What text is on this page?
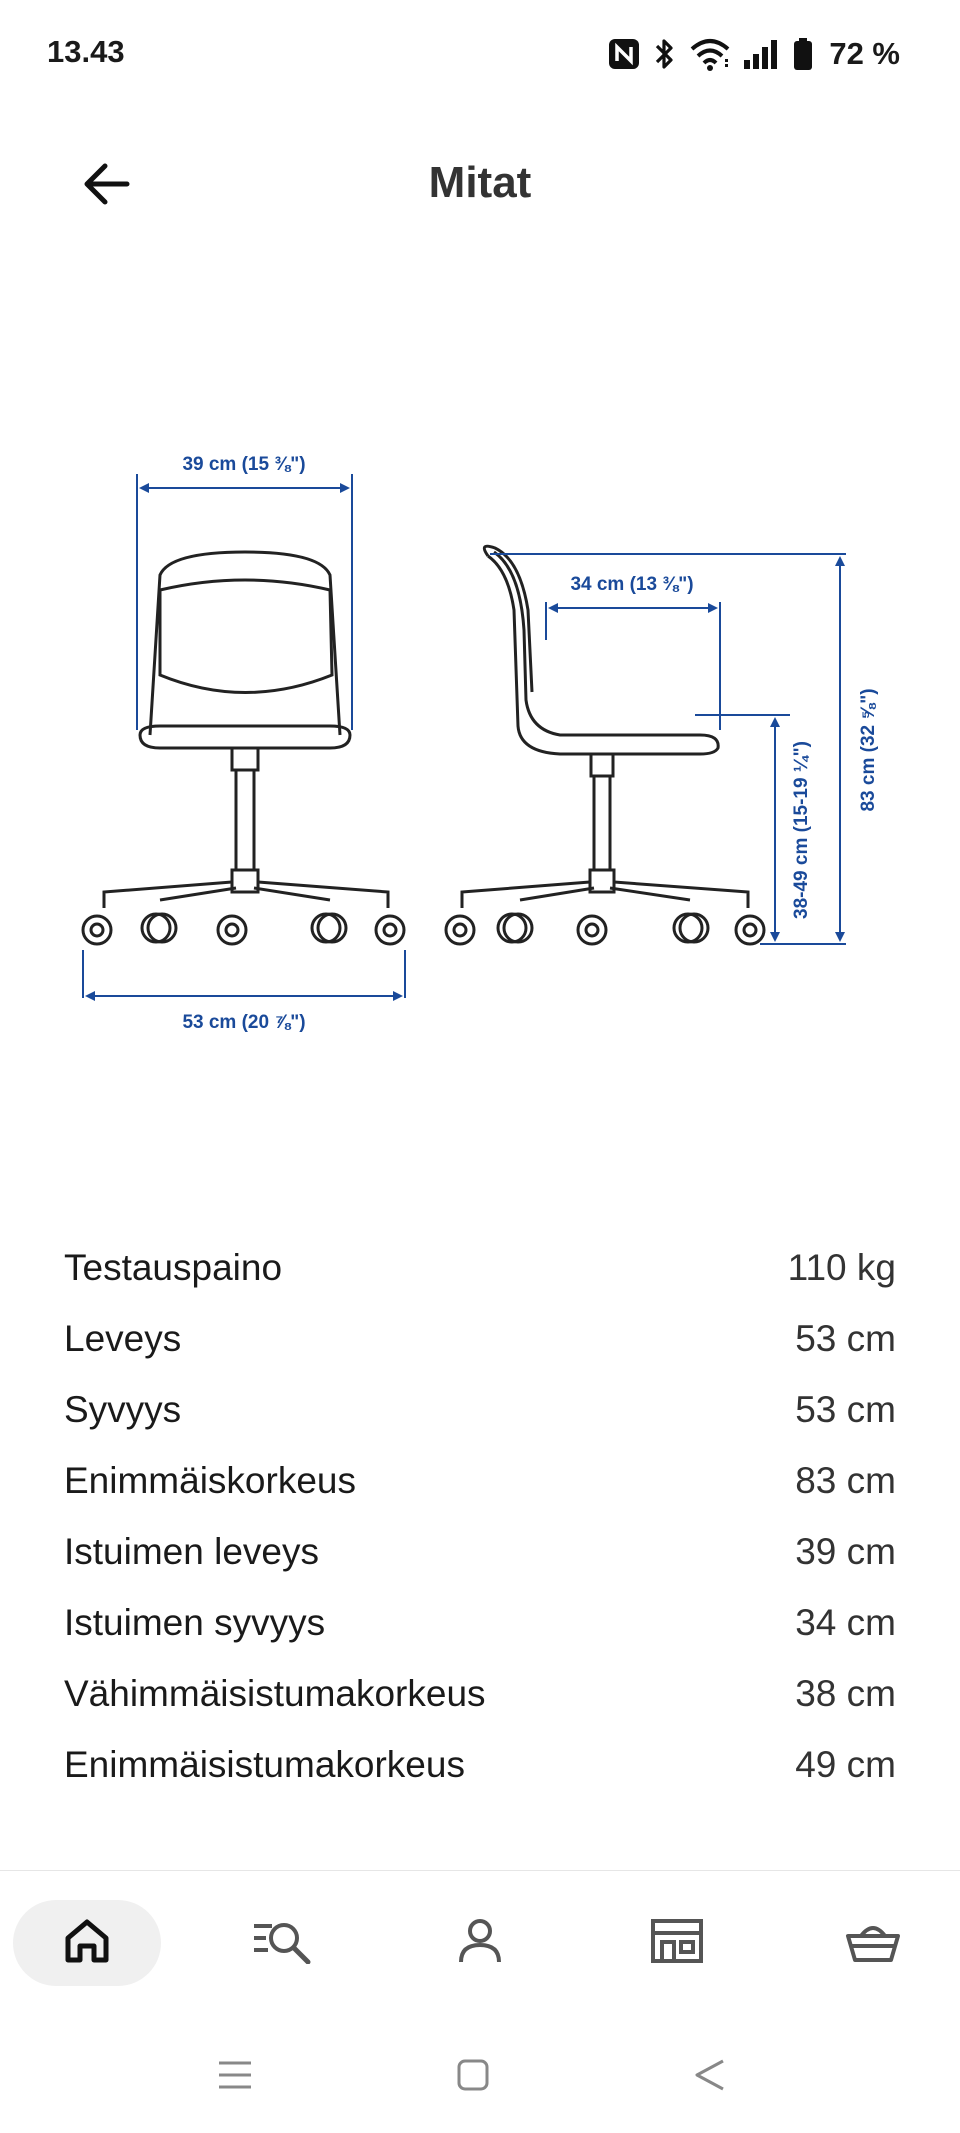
13.43	72 %
Mitat
39 cm (15 ⅜")
53 cm (20 ⅞")
34 cm (13 ⅜")
83 cm (32 ⅝")
38-49 cm (15-19 ¼")
Testauspaino	110 kg
Leveys	53 cm
Syvyys	53 cm
Enimmäiskorkeus	83 cm
Istuimen leveys	39 cm
Istuimen syvyys	34 cm
Vähimmäisistumakorkeus	38 cm
Enimmäisistumakorkeus	49 cm
